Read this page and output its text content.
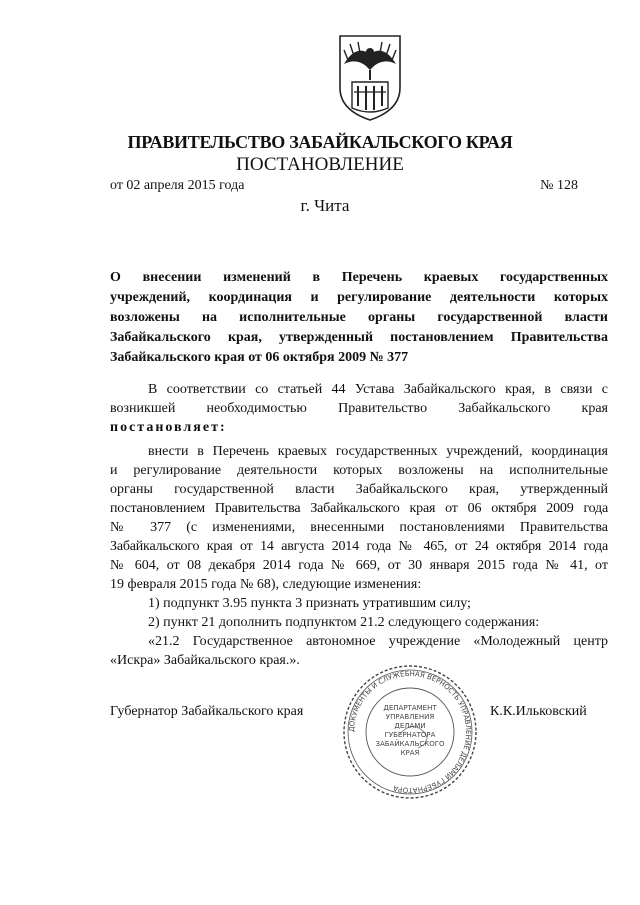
ПРАВИТЕЛЬСТВО ЗАБАЙКАЛЬСКОГО КРАЯ
ПОСТАНОВЛЕНИЕ
от 02 апреля 2015 года	№ 128
г. Чита
О внесении изменений в Перечень краевых государственных
учреждений, координация и регулирование деятельности которых
возложены на исполнительные органы государственной власти
Забайкальского края, утвержденный постановлением Правительства
Забайкальского края от 06 октября 2009 № 377
В соответствии со статьей 44 Устава Забайкальского края, в связи с
возникшей необходимостью Правительство Забайкальского края
постановляет:
внести в Перечень краевых государственных учреждений, координация
и регулирование деятельности которых возложены на исполнительные
органы государственной власти Забайкальского края, утвержденный
постановлением Правительства Забайкальского края от 06 октября 2009 года
№ 377 (с изменениями, внесенными постановлениями Правительства
Забайкальского края от 14 августа 2014 года № 465, от 24 октября 2014 года
№ 604, от 08 декабря 2014 года № 669, от 30 января 2015 года № 41, от
19 февраля 2015 года № 68), следующие изменения:
1) подпункт 3.95 пункта 3 признать утратившим силу;
2) пункт 21 дополнить подпунктом 21.2 следующего содержания:
«21.2 Государственное автономное учреждение «Молодежный центр
«Искра» Забайкальского края.».
Губернатор Забайкальского края	К.К.Ильковский
ДОКУМЕНТЫ И СЛУЖЕБНАЯ ВЕРНОСТЬ УПРАВЛЕНИЕ ДЕЛАМИ ГУБЕРНАТОРА
ДЕПАРТАМЕНТ
УПРАВЛЕНИЯ
ДЕЛАМИ
ГУБЕРНАТОРА
ЗАБАЙКАЛЬСКОГО
КРАЯ
